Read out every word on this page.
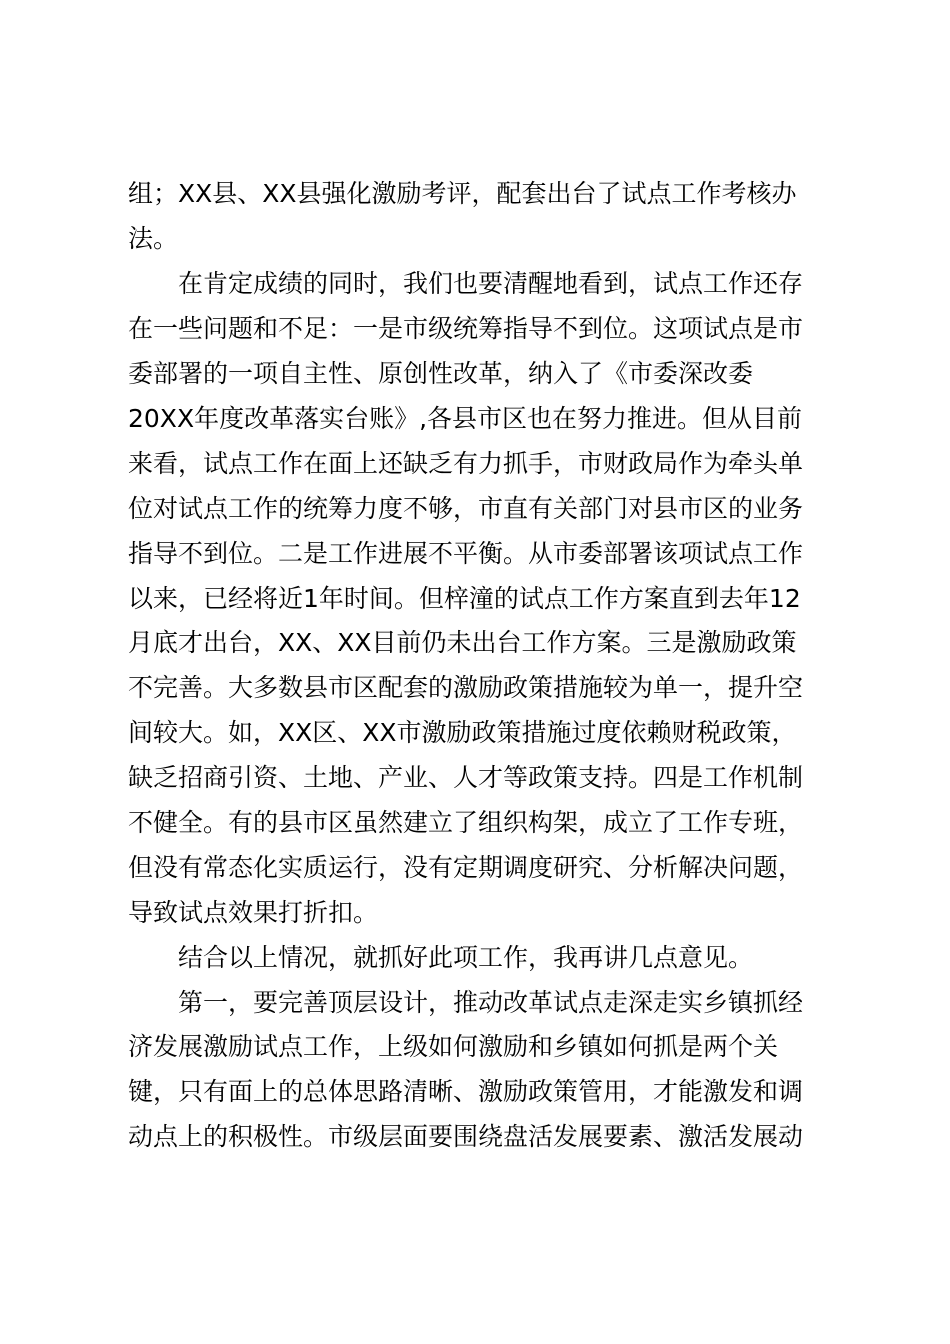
组；XX县、XX县强化激励考评，配套出台了试点工作考核办
法。
在肯定成绩的同时，我们也要清醒地看到，试点工作还存
在一些问题和不足：一是市级统筹指导不到位。这项试点是市
委部署的一项自主性、原创性改革，纳入了《市委深改委
20XX年度改革落实台账》,各县市区也在努力推进。但从目前
来看，试点工作在面上还缺乏有力抓手，市财政局作为牵头单
位对试点工作的统筹力度不够，市直有关部门对县市区的业务
指导不到位。二是工作进展不平衡。从市委部署该项试点工作
以来，已经将近1年时间。但梓潼的试点工作方案直到去年12
月底才出台，XX、XX目前仍未出台工作方案。三是激励政策
不完善。大多数县市区配套的激励政策措施较为单一，提升空
间较大。如，XX区、XX市激励政策措施过度依赖财税政策，
缺乏招商引资、土地、产业、人才等政策支持。四是工作机制
不健全。有的县市区虽然建立了组织构架，成立了工作专班，
但没有常态化实质运行，没有定期调度研究、分析解决问题，
导致试点效果打折扣。
结合以上情况，就抓好此项工作，我再讲几点意见。
第一，要完善顶层设计，推动改革试点走深走实乡镇抓经
济发展激励试点工作，上级如何激励和乡镇如何抓是两个关
键，只有面上的总体思路清晰、激励政策管用，才能激发和调
动点上的积极性。市级层面要围绕盘活发展要素、激活发展动
